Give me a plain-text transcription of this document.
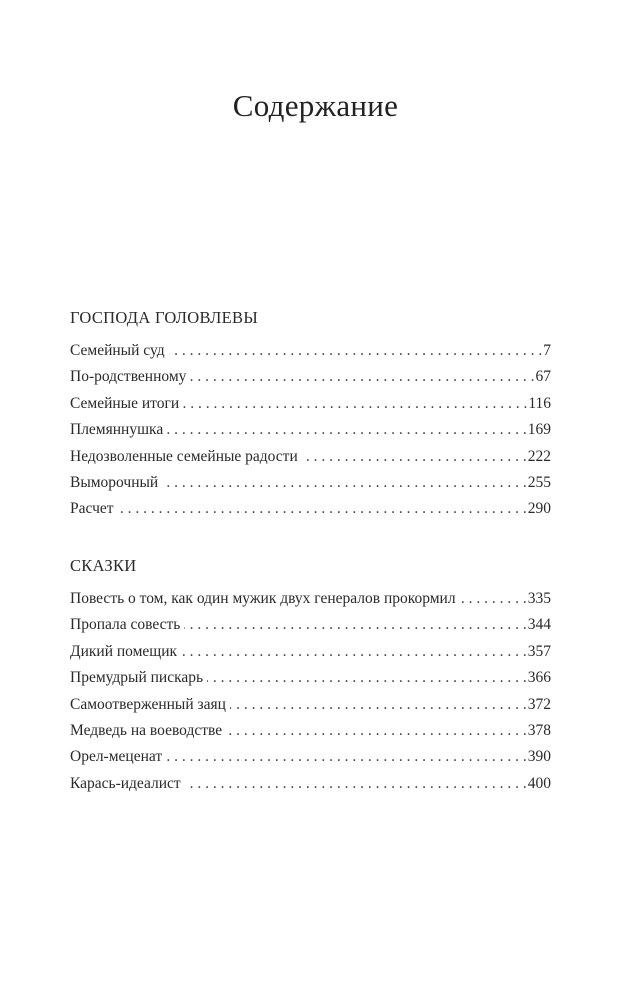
Содержание
ГОСПОДА ГОЛОВЛЕВЫ
Семейный суд . . .	7
По-родственному . . .	67
Семейные итоги . . .	116
Племяннушка . . .	169
Недозволенные семейные радости . . .	222
Выморочный . . .	255
Расчет . . .	290
СКАЗКИ
Повесть о том, как один мужик двух генералов прокормил . . .	335
Пропала совесть . . .	344
Дикий помещик . . .	357
Премудрый пискарь . . .	366
Самоотверженный заяц . . .	372
Медведь на воеводстве . . .	378
Орел-меценат . . .	390
Карась-идеалист . . .	400
